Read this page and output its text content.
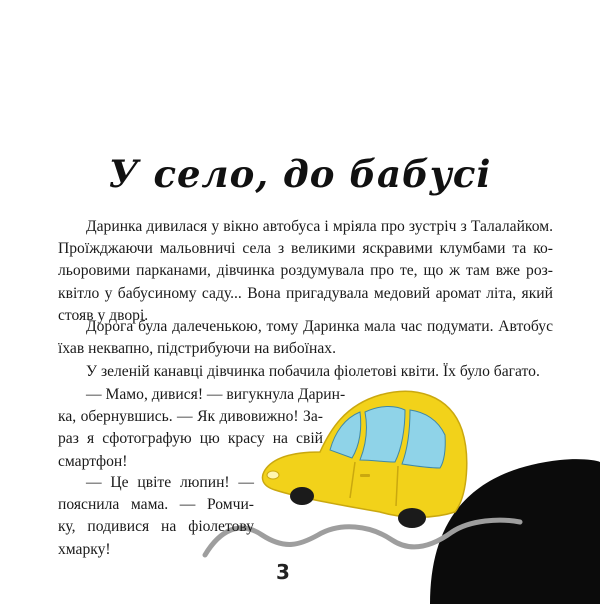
У село, до бабусі

Даринка дивилася у вікно автобуса і мріяла про зустріч з Талалайком.
Проїжджаючи мальовничі села з великими яскравими клумбами та ко-
льоровими парканами, дівчинка роздумувала про те, що ж там вже роз-
квітло у бабусиному саду... Вона пригадувала медовий аромат літа, який
стояв у дворі.

Дорога була далеченькою, тому Даринка мала час подумати. Автобус
їхав неквапно, підстрибуючи на вибоїнах.

У зеленій канавці дівчинка побачила фіолетові квіти. Їх було багато.

— Мамо, дивися! — вигукнула Дарин-
ка, обернувшись. — Як дивовижно! За-
раз я сфотографую цю красу на свій
смартфон!

— Це цвіте люпин! —
пояснила мама. — Ромчи-
ку, подивися на фіолетову
хмарку!

3
